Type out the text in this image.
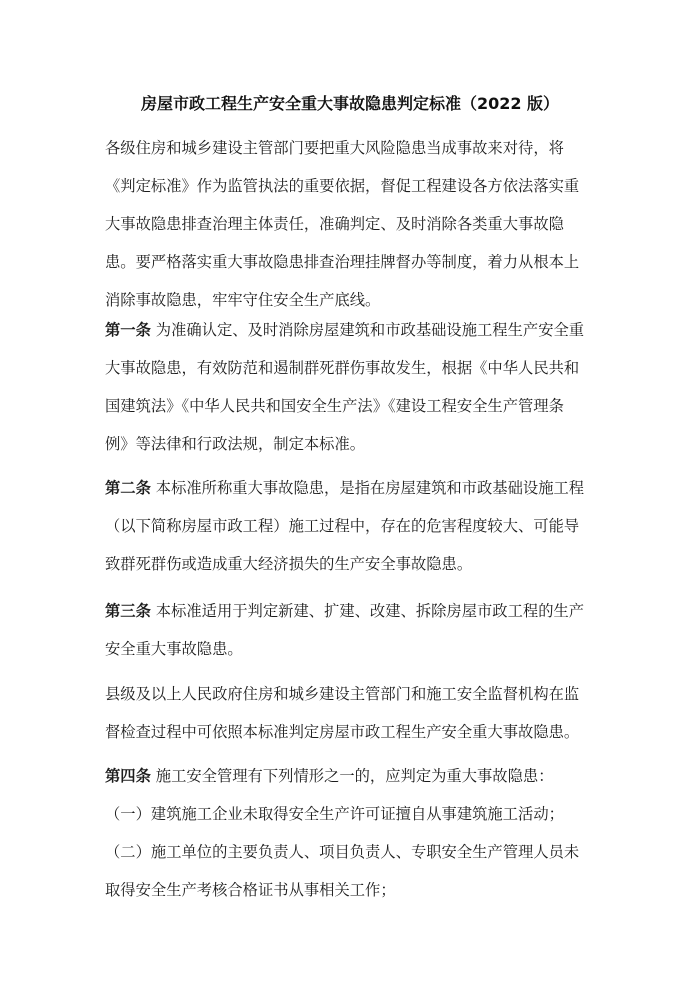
房屋市政工程生产安全重大事故隐患判定标准（2022 版）
各级住房和城乡建设主管部门要把重大风险隐患当成事故来对待，将
《判定标准》作为监管执法的重要依据，督促工程建设各方依法落实重
大事故隐患排查治理主体责任，准确判定、及时消除各类重大事故隐
患。要严格落实重大事故隐患排查治理挂牌督办等制度，着力从根本上
消除事故隐患，牢牢守住安全生产底线。
第一条 为准确认定、及时消除房屋建筑和市政基础设施工程生产安全重
大事故隐患，有效防范和遏制群死群伤事故发生，根据《中华人民共和
国建筑法》《中华人民共和国安全生产法》《建设工程安全生产管理条
例》等法律和行政法规，制定本标准。
第二条 本标准所称重大事故隐患，是指在房屋建筑和市政基础设施工程
（以下简称房屋市政工程）施工过程中，存在的危害程度较大、可能导
致群死群伤或造成重大经济损失的生产安全事故隐患。
第三条 本标准适用于判定新建、扩建、改建、拆除房屋市政工程的生产
安全重大事故隐患。
县级及以上人民政府住房和城乡建设主管部门和施工安全监督机构在监
督检查过程中可依照本标准判定房屋市政工程生产安全重大事故隐患。
第四条 施工安全管理有下列情形之一的，应判定为重大事故隐患：
（一）建筑施工企业未取得安全生产许可证擅自从事建筑施工活动；
（二）施工单位的主要负责人、项目负责人、专职安全生产管理人员未
取得安全生产考核合格证书从事相关工作；
